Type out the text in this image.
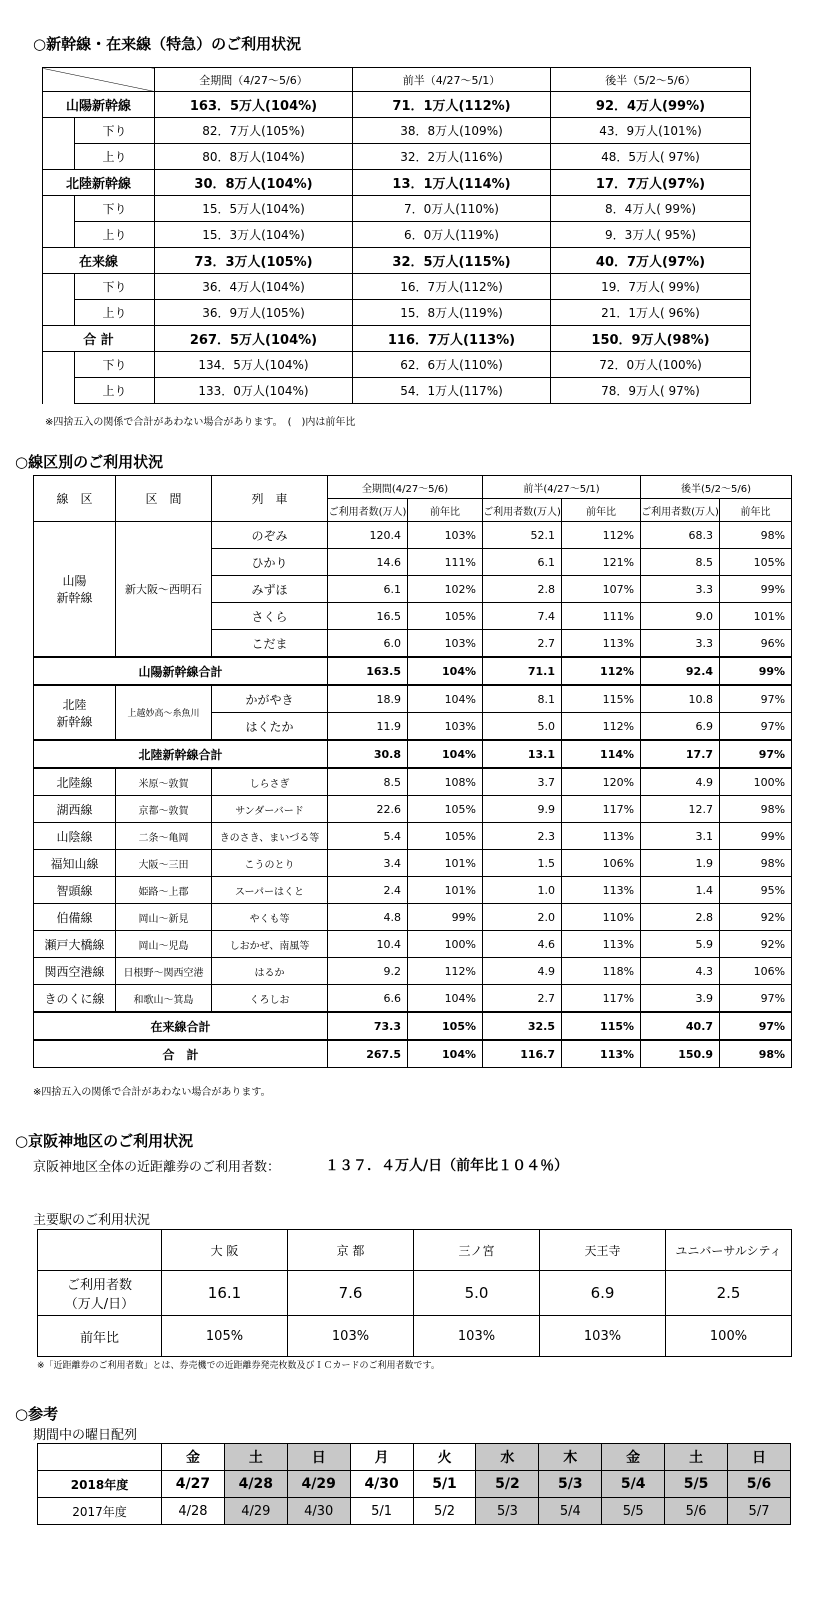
○新幹線・在来線（特急）のご利用状況
		全期間（4/27～5/6）	前半（4/27～5/1）	後半（5/2～5/6）
山陽新幹線		163．5万人(104%)	71．1万人(112%)	92．4万人(99%)
	下り	82．7万人(105%)	38．8万人(109%)	43．9万人(101%)
	上り	80．8万人(104%)	32．2万人(116%)	48．5万人( 97%)
北陸新幹線		30．8万人(104%)	13．1万人(114%)	17．7万人(97%)
	下り	15．5万人(104%)	7．0万人(110%)	8．4万人( 99%)
	上り	15．3万人(104%)	6．0万人(119%)	9．3万人( 95%)
在来線		73．3万人(105%)	32．5万人(115%)	40．7万人(97%)
	下り	36．4万人(104%)	16．7万人(112%)	19．7万人( 99%)
	上り	36．9万人(105%)	15．8万人(119%)	21．1万人( 96%)
合 計		267．5万人(104%)	116．7万人(113%)	150．9万人(98%)
	下り	134．5万人(104%)	62．6万人(110%)	72．0万人(100%)
	上り	133．0万人(104%)	54．1万人(117%)	78．9万人( 97%)
※四捨五入の関係で合計があわない場合があります。　(　)内は前年比
○線区別のご利用状況
線　区	区　間	列　車	全期間(4/27～5/6)		前半(4/27～5/1)		後半(5/2～5/6)	
			ご利用者数(万人)	前年比	ご利用者数(万人)	前年比	ご利用者数(万人)	前年比
山陽
新幹線	新大阪～西明石	のぞみ	120.4	103%	52.1	112%	68.3	98%
		ひかり	14.6	111%	6.1	121%	8.5	105%
		みずほ	6.1	102%	2.8	107%	3.3	99%
		さくら	16.5	105%	7.4	111%	9.0	101%
		こだま	6.0	103%	2.7	113%	3.3	96%
山陽新幹線合計			163.5	104%	71.1	112%	92.4	99%
北陸
新幹線	上越妙高～糸魚川	かがやき	18.9	104%	8.1	115%	10.8	97%
		はくたか	11.9	103%	5.0	112%	6.9	97%
北陸新幹線合計			30.8	104%	13.1	114%	17.7	97%
北陸線	米原～敦賀	しらさぎ	8.5	108%	3.7	120%	4.9	100%
湖西線	京都～敦賀	サンダーバード	22.6	105%	9.9	117%	12.7	98%
山陰線	二条～亀岡	きのさき、まいづる等	5.4	105%	2.3	113%	3.1	99%
福知山線	大阪～三田	こうのとり	3.4	101%	1.5	106%	1.9	98%
智頭線	姫路～上郡	スーパーはくと	2.4	101%	1.0	113%	1.4	95%
伯備線	岡山～新見	やくも等	4.8	99%	2.0	110%	2.8	92%
瀬戸大橋線	岡山～児島	しおかぜ、南風等	10.4	100%	4.6	113%	5.9	92%
関西空港線	日根野～関西空港	はるか	9.2	112%	4.9	118%	4.3	106%
きのくに線	和歌山～箕島	くろしお	6.6	104%	2.7	117%	3.9	97%
在来線合計			73.3	105%	32.5	115%	40.7	97%
合　計			267.5	104%	116.7	113%	150.9	98%
※四捨五入の関係で合計があわない場合があります。
○京阪神地区のご利用状況
京阪神地区全体の近距離券のご利用者数：	１３７．４万人/日（前年比１０４％）
主要駅のご利用状況
	大 阪	京 都	三ノ宮	天王寺	ユニバーサルシティ
ご利用者数
（万人/日）	16.1	7.6	5.0	6.9	2.5
前年比	105%	103%	103%	103%	100%
※「近距離券のご利用者数」とは、券売機での近距離券発売枚数及びＩＣカードのご利用者数です。
○参考
期間中の曜日配列
	金	土	日	月	火	水	木	金	土	日
2018年度	4/27	4/28	4/29	4/30	5/1	5/2	5/3	5/4	5/5	5/6
2017年度	4/28	4/29	4/30	5/1	5/2	5/3	5/4	5/5	5/6	5/7
